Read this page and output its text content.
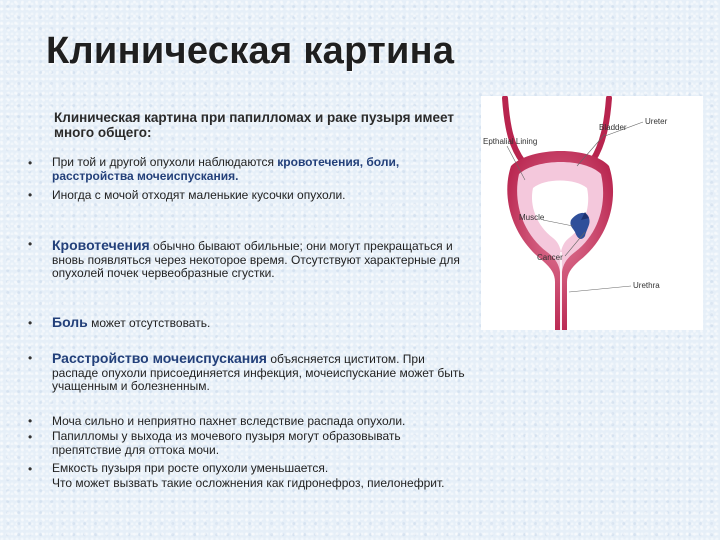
Клиническая картина
Клиническая картина при папилломах и раке пузыря имеет много общего:
•
•
При той и другой опухоли наблюдаются кровотечения, боли, расстройства мочеиспускания.
Иногда с мочой отходят маленькие кусочки опухоли.
• Кровотечения обычно бывают обильные; они могут прекращаться и вновь появляться через некоторое время. Отсутствуют характерные для опухолей почек червеобразные сгустки.
• Боль может отсутствовать.
• Расстройство мочеиспускания объясняется циститом. При распаде опухоли присоединяется инфекция, мочеиспускание может быть учащенным и болезненным.
•
•
•
Моча сильно и неприятно пахнет вследствие распада опухоли.
Папилломы у выхода из мочевого пузыря могут образовывать препятствие для оттока мочи.
Емкость пузыря при росте опухоли уменьшается.
Что может вызвать такие осложнения как гидронефроз, пиелонефрит.
Bladder
Ureter
Epthalial Lining
Muscle
Cancer
Urethra
